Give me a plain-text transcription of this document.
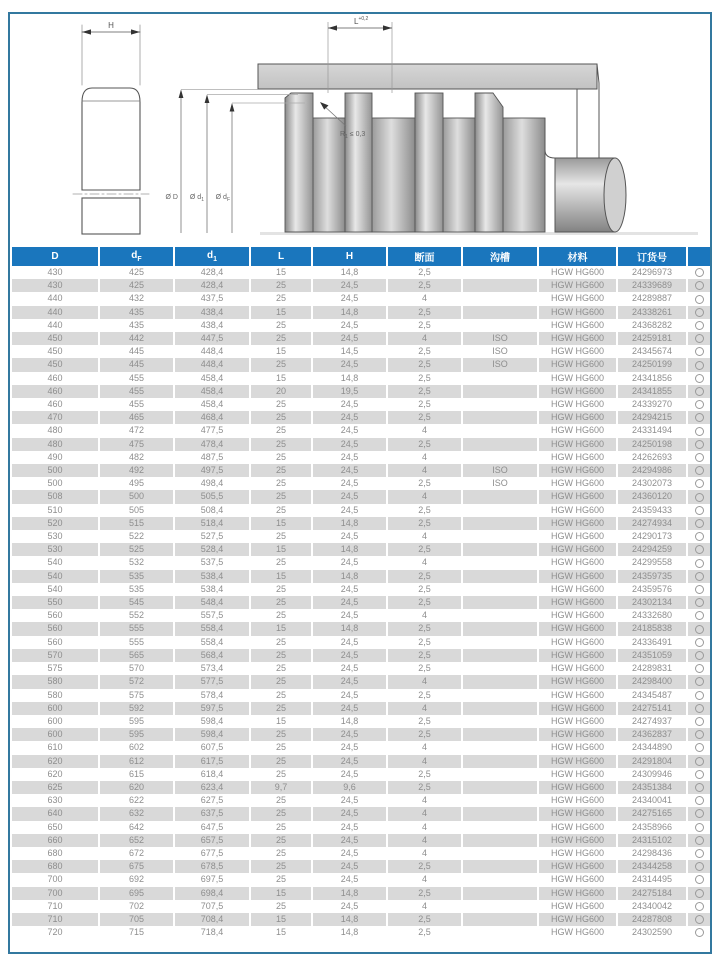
H
Ø D Ø $d_1$ Ø $d_F$
$L^{+0,2}$
$R_1 \le 0,3$
D	$d_F$	$d_1$	L	H	断面	沟槽	材料	订货号	
430	425	428,4	15	14,8	2,5		HGW HG600	24296973	
430	425	428,4	25	24,5	2,5		HGW HG600	24339689	
440	432	437,5	25	24,5	4		HGW HG600	24289887	
440	435	438,4	15	14,8	2,5		HGW HG600	24338261	
440	435	438,4	25	24,5	2,5		HGW HG600	24368282	
450	442	447,5	25	24,5	4	ISO	HGW HG600	24259181	
450	445	448,4	15	14,5	2,5	ISO	HGW HG600	24345674	
450	445	448,4	25	24,5	2,5	ISO	HGW HG600	24250199	
460	455	458,4	15	14,8	2,5		HGW HG600	24341856	
460	455	458,4	20	19,5	2,5		HGW HG600	24341855	
460	455	458,4	25	24,5	2,5		HGW HG600	24339270	
470	465	468,4	25	24,5	2,5		HGW HG600	24294215	
480	472	477,5	25	24,5	4		HGW HG600	24331494	
480	475	478,4	25	24,5	2,5		HGW HG600	24250198	
490	482	487,5	25	24,5	4		HGW HG600	24262693	
500	492	497,5	25	24,5	4	ISO	HGW HG600	24294986	
500	495	498,4	25	24,5	2,5	ISO	HGW HG600	24302073	
508	500	505,5	25	24,5	4		HGW HG600	24360120	
510	505	508,4	25	24,5	2,5		HGW HG600	24359433	
520	515	518,4	15	14,8	2,5		HGW HG600	24274934	
530	522	527,5	25	24,5	4		HGW HG600	24290173	
530	525	528,4	15	14,8	2,5		HGW HG600	24294259	
540	532	537,5	25	24,5	4		HGW HG600	24299558	
540	535	538,4	15	14,8	2,5		HGW HG600	24359735	
540	535	538,4	25	24,5	2,5		HGW HG600	24359576	
550	545	548,4	25	24,5	2,5		HGW HG600	24302134	
560	552	557,5	25	24,5	4		HGW HG600	24332680	
560	555	558,4	15	14,8	2,5		HGW HG600	24185838	
560	555	558,4	25	24,5	2,5		HGW HG600	24336491	
570	565	568,4	25	24,5	2,5		HGW HG600	24351059	
575	570	573,4	25	24,5	2,5		HGW HG600	24289831	
580	572	577,5	25	24,5	4		HGW HG600	24298400	
580	575	578,4	25	24,5	2,5		HGW HG600	24345487	
600	592	597,5	25	24,5	4		HGW HG600	24275141	
600	595	598,4	15	14,8	2,5		HGW HG600	24274937	
600	595	598,4	25	24,5	2,5		HGW HG600	24362837	
610	602	607,5	25	24,5	4		HGW HG600	24344890	
620	612	617,5	25	24,5	4		HGW HG600	24291804	
620	615	618,4	25	24,5	2,5		HGW HG600	24309946	
625	620	623,4	9,7	9,6	2,5		HGW HG600	24351384	
630	622	627,5	25	24,5	4		HGW HG600	24340041	
640	632	637,5	25	24,5	4		HGW HG600	24275165	
650	642	647,5	25	24,5	4		HGW HG600	24358966	
660	652	657,5	25	24,5	4		HGW HG600	24315102	
680	672	677,5	25	24,5	4		HGW HG600	24298436	
680	675	678,5	25	24,5	2,5		HGW HG600	24344258	
700	692	697,5	25	24,5	4		HGW HG600	24314495	
700	695	698,4	15	14,8	2,5		HGW HG600	24275184	
710	702	707,5	25	24,5	4		HGW HG600	24340042	
710	705	708,4	15	14,8	2,5		HGW HG600	24287808	
720	715	718,4	15	14,8	2,5		HGW HG600	24302590	
